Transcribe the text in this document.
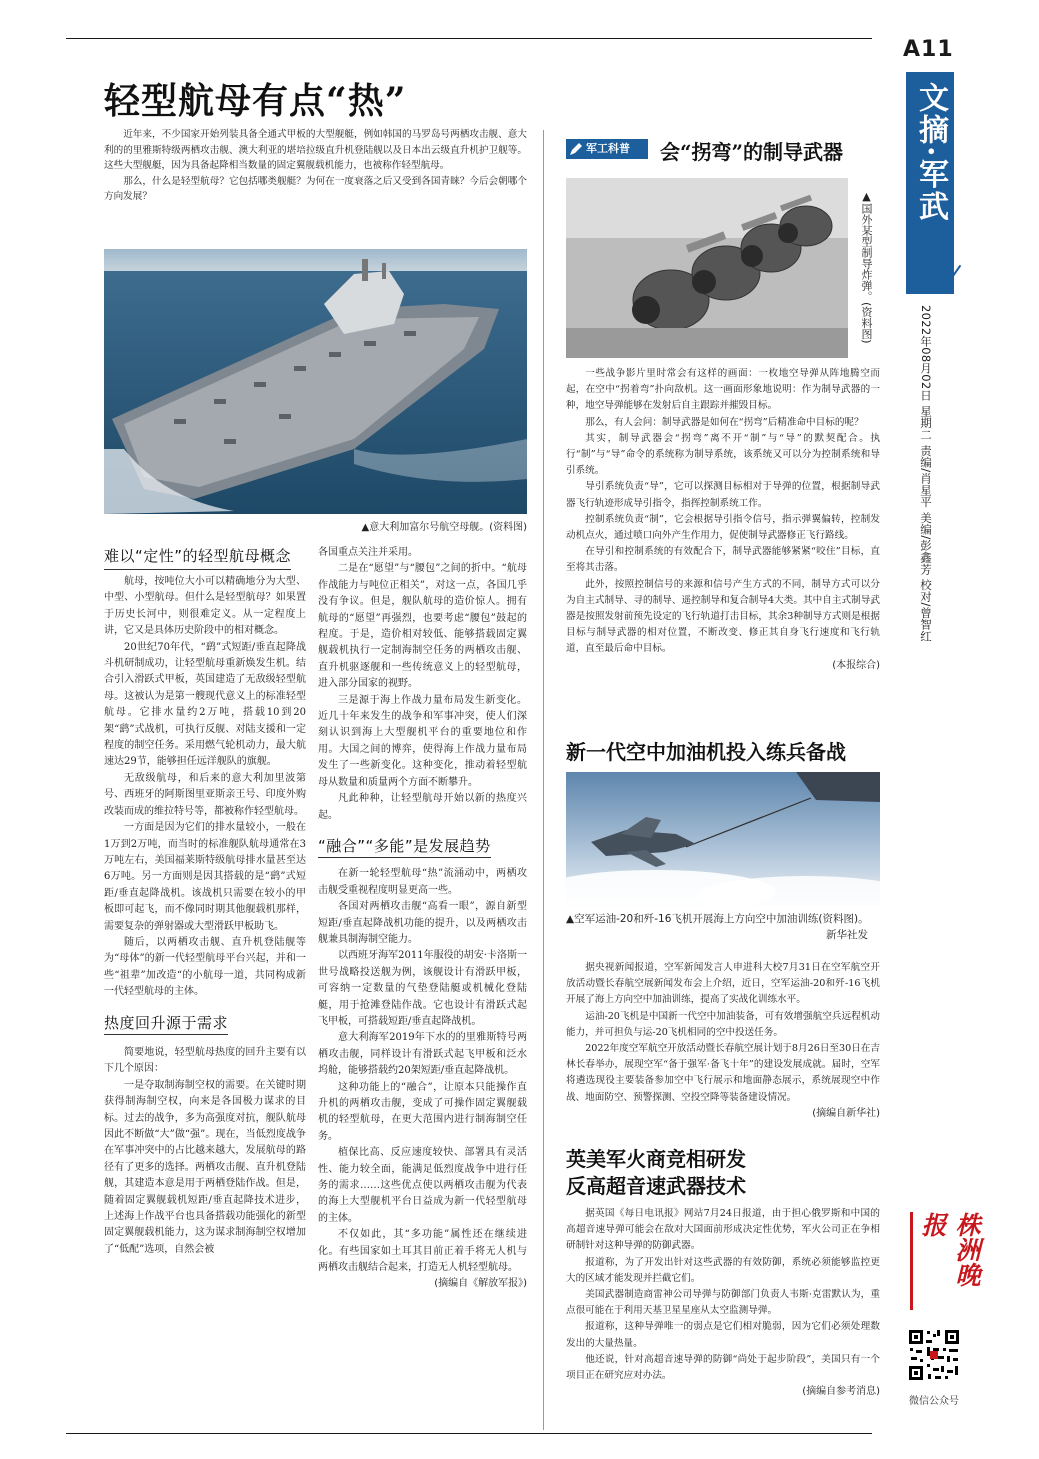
A11
文摘·军武
2022年08月02日 星期二 责编/肖星平 美编/彭鑫芳 校对/曾智红
株洲晚报
微信公众号
轻型航母有点“热”

近年来，不少国家开始列装具备全通式甲板的大型舰艇，例如韩国的马罗岛号两栖攻击舰、意大利的的里雅斯特级两栖攻击舰、澳大利亚的堪培拉级直升机登陆舰以及日本出云级直升机护卫舰等。这些大型舰艇，因为具备起降相当数量的固定翼舰载机能力，也被称作轻型航母。

那么，什么是轻型航母？它包括哪类舰艇？为何在一度衰落之后又受到各国青睐？今后会朝哪个方向发展？

▲意大利加富尔号航空母舰。(资料图)
难以“定性”的轻型航母概念

航母，按吨位大小可以精确地分为大型、中型、小型航母。但什么是轻型航母？如果置于历史长河中，则很难定义。从一定程度上讲，它又是具体历史阶段中的相对概念。

20世纪70年代，“鹞”式短距/垂直起降战斗机研制成功，让轻型航母重新焕发生机。结合引入滑跃式甲板，英国建造了无敌级轻型航母。这被认为是第一艘现代意义上的标准轻型航母。它排水量约2万吨，搭载10到20架“鹞”式战机，可执行反舰、对陆支援和一定程度的制空任务。采用燃气轮机动力，最大航速达29节，能够担任远洋舰队的旗舰。

无敌级航母，和后来的意大利加里波第号、西班牙的阿斯图里亚斯亲王号、印度外购改装而成的维拉特号等，都被称作轻型航母。

一方面是因为它们的排水量较小，一般在1万到2万吨，而当时的标准舰队航母通常在3万吨左右，美国福莱斯特级航母排水量甚至达6万吨。另一方面则是因其搭载的是“鹞”式短距/垂直起降战机。该战机只需要在较小的甲板即可起飞，而不像同时期其他舰载机那样，需要复杂的弹射器或大型滑跃甲板助飞。

随后，以两栖攻击舰、直升机登陆舰等为“母体”的新一代轻型航母平台兴起，并和一些“祖辈”加改造“的小航母一道，共同构成新一代轻型航母的主体。

热度回升源于需求

简要地说，轻型航母热度的回升主要有以下几个原因：

一是夺取制海制空权的需要。在关键时期获得制海制空权，向来是各国极力谋求的目标。过去的战争，多为高强度对抗，舰队航母因此不断做“大”做“强”。现在，当低烈度战争在军事冲突中的占比越来越大，发展航母的路径有了更多的选择。两栖攻击舰、直升机登陆舰，其建造本意是用于两栖登陆作战。但是，随着固定翼舰载机短距/垂直起降技术进步，上述海上作战平台也具备搭载功能强化的新型固定翼舰载机能力，这为谋求制海制空权增加了“低配”选项，自然会被

各国重点关注并采用。

二是在“愿望”与“腰包”之间的折中。“航母作战能力与吨位正相关”，对这一点，各国几乎没有争议。但是，舰队航母的造价惊人。拥有航母的“愿望”再强烈，也要考虑“腰包”鼓起的程度。于是，造价相对较低、能够搭载固定翼舰载机执行一定制海制空任务的两栖攻击舰、直升机驱逐舰和一些传统意义上的轻型航母，进入部分国家的视野。

三是源于海上作战力量布局发生新变化。近几十年来发生的战争和军事冲突，使人们深刻认识到海上大型舰机平台的重要地位和作用。大国之间的博弈，使得海上作战力量布局发生了一些新变化。这种变化，推动着轻型航母从数量和质量两个方面不断攀升。

凡此种种，让轻型航母开始以新的热度兴起。

“融合”“多能”是发展趋势

在新一轮轻型航母“热”流涌动中，两栖攻击舰受重视程度明显更高一些。

各国对两栖攻击舰“高看一眼”，源自新型短距/垂直起降战机功能的提升，以及两栖攻击舰兼具制海制空能力。

以西班牙海军2011年服役的胡安·卡洛斯一世号战略投送舰为例，该舰设计有滑跃甲板，可容纳一定数量的气垫登陆艇或机械化登陆艇，用于抢滩登陆作战。它也设计有滑跃式起飞甲板，可搭载短距/垂直起降战机。

意大利海军2019年下水的的里雅斯特号两栖攻击舰，同样设计有滑跃式起飞甲板和泛水坞舱，能够搭载约20架短距/垂直起降战机。

这种功能上的“融合”，让原本只能操作直升机的两栖攻击舰，变成了可操作固定翼舰载机的轻型航母，在更大范围内进行制海制空任务。

植保比高、反应速度较快、部署具有灵活性、能力较全面，能满足低烈度战争中进行任务的需求……这些优点使以两栖攻击舰为代表的海上大型舰机平台日益成为新一代轻型航母的主体。

不仅如此，其“多功能”属性还在继续进化。有些国家如土耳其目前正着手将无人机与两栖攻击舰结合起来，打造无人机轻型航母。

(摘编自《解放军报》)
军工科普	会“拐弯”的制导武器
▲国外某型制导炸弹。(资料图)

一些战争影片里时常会有这样的画面：一枚地空导弹从阵地腾空而起，在空中“拐着弯”扑向敌机。这一画面形象地说明：作为制导武器的一种，地空导弹能够在发射后自主跟踪并摧毁目标。

那么，有人会问：制导武器是如何在“拐弯”后精准命中目标的呢？

其实，制导武器会“拐弯”离不开“制”与“导”的默契配合。执行“制”与“导”命令的系统称为制导系统，该系统又可以分为控制系统和导引系统。

导引系统负责“导”，它可以探测目标相对于导弹的位置，根据制导武器飞行轨迹形成导引指令，指挥控制系统工作。

控制系统负责“制”，它会根据导引指令信号，指示弹翼偏转，控制发动机点火，通过喷口向外产生作用力，促使制导武器修正飞行路线。

在导引和控制系统的有效配合下，制导武器能够紧紧“咬住”目标，直至将其击落。

此外，按照控制信号的来源和信号产生方式的不同，制导方式可以分为自主式制导、寻的制导、遥控制导和复合制导4大类。其中自主式制导武器是按照发射前预先设定的飞行轨道打击目标，其余3种制导方式则是根据目标与制导武器的相对位置，不断改变、修正其自身飞行速度和飞行轨道，直至最后命中目标。

(本报综合)
新一代空中加油机投入练兵备战
▲空军运油-20和歼-16飞机开展海上方向空中加油训练(资料图)。
新华社发

据央视新闻报道，空军新闻发言人申进科大校7月31日在空军航空开放活动暨长春航空展新闻发布会上介绍，近日，空军运油-20和歼-16飞机开展了海上方向空中加油训练，提高了实战化训练水平。

运油-20飞机是中国新一代空中加油装备，可有效增强航空兵远程机动能力，并可担负与运-20飞机相同的空中投送任务。

2022年度空军航空开放活动暨长春航空展计划于8月26日至30日在吉林长春举办，展现空军“备于强军·备飞十年”的建设发展成就。届时，空军将遴选现役主要装备参加空中飞行展示和地面静态展示，系统展现空中作战、地面防空、预警探测、空投空降等装备建设情况。

(摘编自新华社)
英美军火商竞相研发
反高超音速武器技术

据英国《每日电讯报》网站7月24日报道，由于担心俄罗斯和中国的高超音速导弹可能会在敌对大国面前形成决定性优势，军火公司正在争相研制针对这种导弹的防御武器。

报道称，为了开发出针对这些武器的有效防御，系统必须能够监控更大的区域才能发现并拦截它们。

美国武器制造商雷神公司导弹与防御部门负责人韦斯·克雷默认为，重点很可能在于利用天基卫星星座从太空监测导弹。

报道称，这种导弹唯一的弱点是它们相对脆弱，因为它们必须处理数发出的大量热量。

他还说，针对高超音速导弹的防御“尚处于起步阶段”，美国只有一个项目正在研究应对办法。

(摘编自参考消息)
